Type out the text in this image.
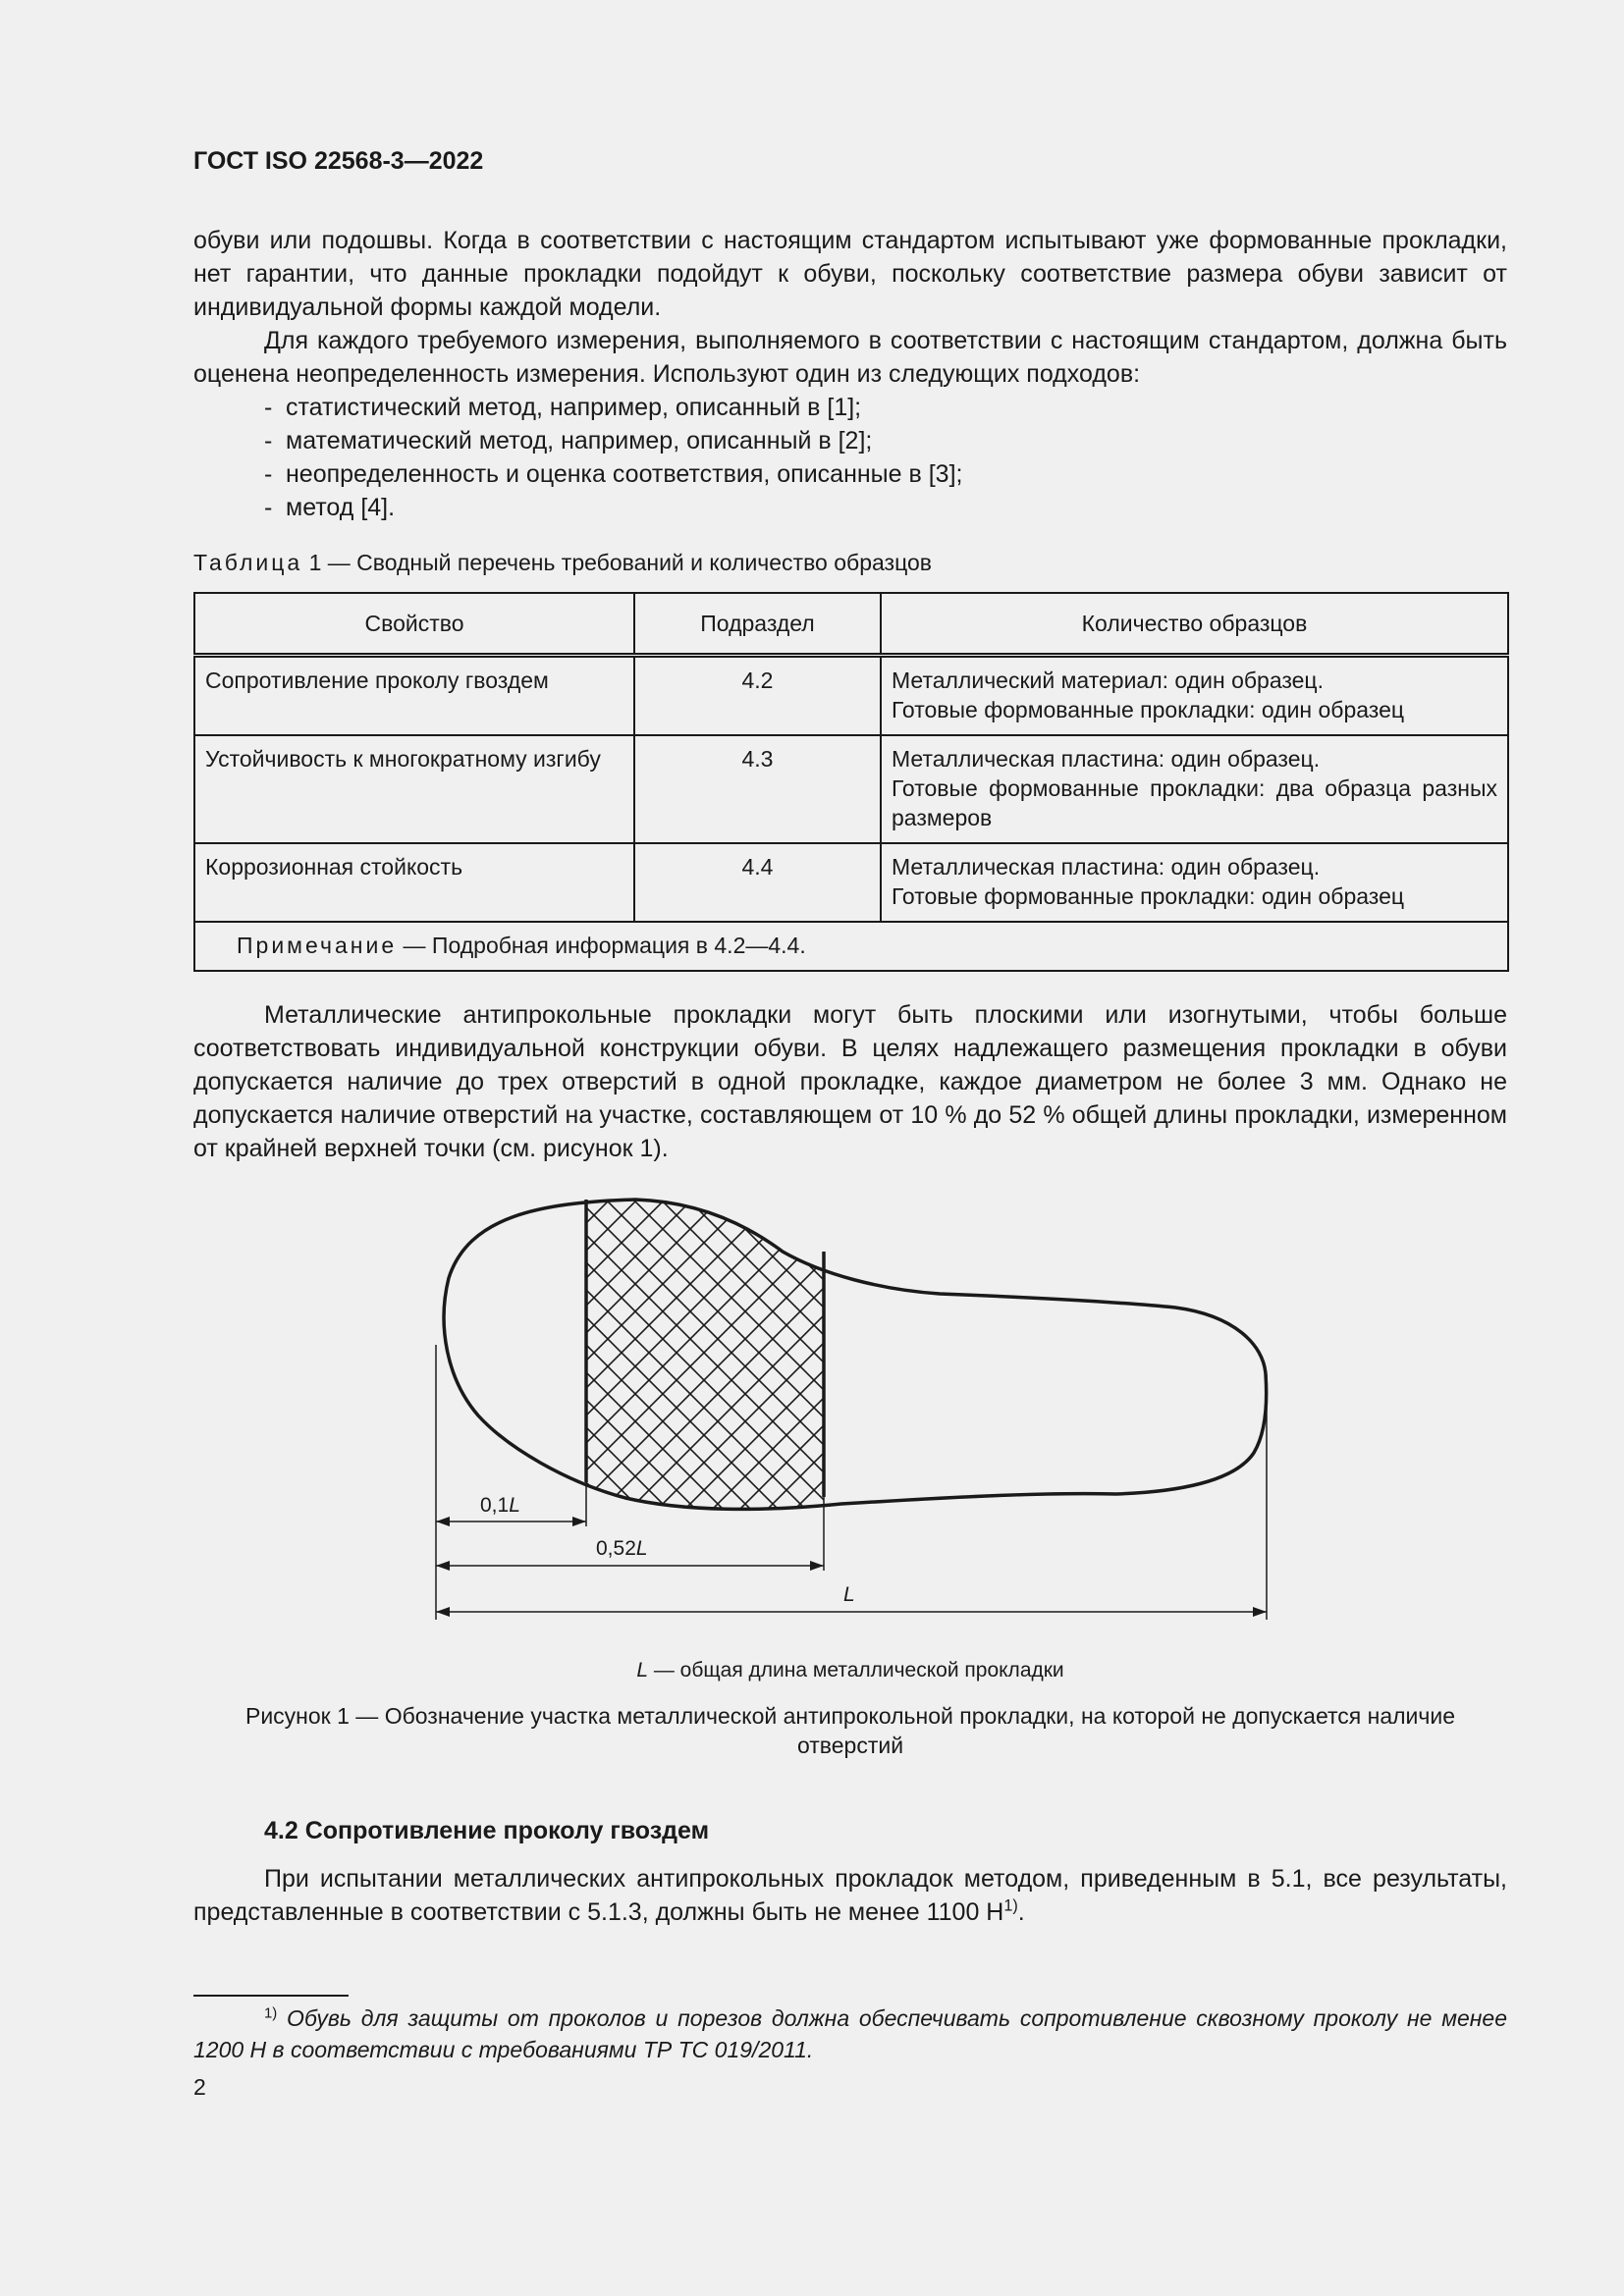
ГОСТ ISO 22568-3—2022
обуви или подошвы. Когда в соответствии с настоящим стандартом испытывают уже формованные прокладки, нет гарантии, что данные прокладки подойдут к обуви, поскольку соответствие размера обуви зависит от индивидуальной формы каждой модели.
Для каждого требуемого измерения, выполняемого в соответствии с настоящим стандартом, должна быть оценена неопределенность измерения. Используют один из следующих подходов:
- статистический метод, например, описанный в [1];
- математический метод, например, описанный в [2];
- неопределенность и оценка соответствия, описанные в [3];
- метод [4].
Таблица 1 — Сводный перечень требований и количество образцов
Свойство	Подраздел	Количество образцов
Сопротивление проколу гвоздем	4.2	Металлический материал: один образец.
Готовые формованные прокладки: один образец

Устойчивость к многократному изгибу	4.3	Металлическая пластина: один образец.
Готовые формованные прокладки: два образца разных размеров

Коррозионная стойкость	4.4	Металлическая пластина: один образец.
Готовые формованные прокладки: один образец

Примечание — Подробная информация в 4.2—4.4.		
Металлические антипрокольные прокладки могут быть плоскими или изогнутыми, чтобы больше соответствовать индивидуальной конструкции обуви. В целях надлежащего размещения прокладки в обуви допускается наличие до трех отверстий в одной прокладке, каждое диаметром не более 3 мм. Однако не допускается наличие отверстий на участке, составляющем от 10 % до 52 % общей длины прокладки, измеренном от крайней верхней точки (см. рисунок 1).
0,1L
0,52L
L
L — общая длина металлической прокладки
Рисунок 1 — Обозначение участка металлической антипрокольной прокладки, на которой не допускается наличие отверстий
4.2 Сопротивление проколу гвоздем
При испытании металлических антипрокольных прокладок методом, приведенным в 5.1, все результаты, представленные в соответствии с 5.1.3, должны быть не менее 1100 $Н^{1)}$.
$^{1)}$ Обувь для защиты от проколов и порезов должна обеспечивать сопротивление сквозному проколу не менее 1200 Н в соответствии с требованиями ТР ТС 019/2011.
2
